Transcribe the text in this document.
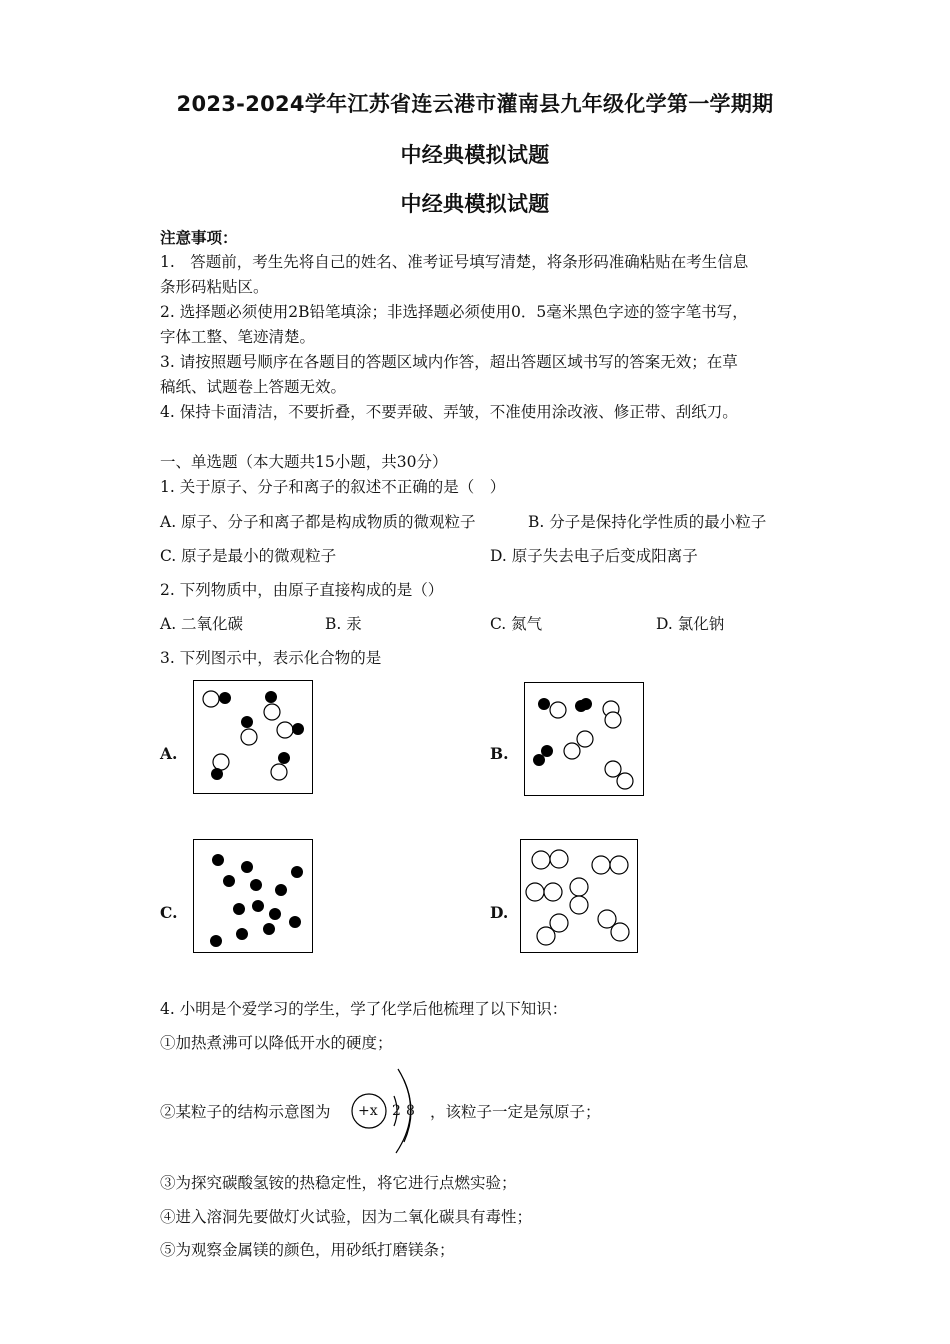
2023-2024学年江苏省连云港市灌南县九年级化学第一学期期
中经典模拟试题
中经典模拟试题
注意事项：
1.　答题前，考生先将自己的姓名、准考证号填写清楚，将条形码准确粘贴在考生信息
条形码粘贴区。
2. 选择题必须使用2B铅笔填涂；非选择题必须使用0．5毫米黑色字迹的签字笔书写，
字体工整、笔迹清楚。
3. 请按照题号顺序在各题目的答题区域内作答，超出答题区域书写的答案无效；在草
稿纸、试题卷上答题无效。
4. 保持卡面清洁，不要折叠，不要弄破、弄皱，不准使用涂改液、修正带、刮纸刀。
一、单选题（本大题共15小题，共30分）
1. 关于原子、分子和离子的叙述不正确的是（　）
A. 原子、分子和离子都是构成物质的微观粒子	B. 分子是保持化学性质的最小粒子
C. 原子是最小的微观粒子	D. 原子失去电子后变成阳离子
2. 下列物质中，由原子直接构成的是（）
A. 二氧化碳	B. 汞	C. 氮气	D. 氯化钠
3. 下列图示中，表示化合物的是
A.	B.
C.	D.
4. 小明是个爱学习的学生，学了化学后他梳理了以下知识：
①加热煮沸可以降低开水的硬度；
②某粒子的结构示意图为 +x 2 8 ，该粒子一定是氖原子；
③为探究碳酸氢铵的热稳定性，将它进行点燃实验；
④进入溶洞先要做灯火试验，因为二氧化碳具有毒性；
⑤为观察金属镁的颜色，用砂纸打磨镁条；
